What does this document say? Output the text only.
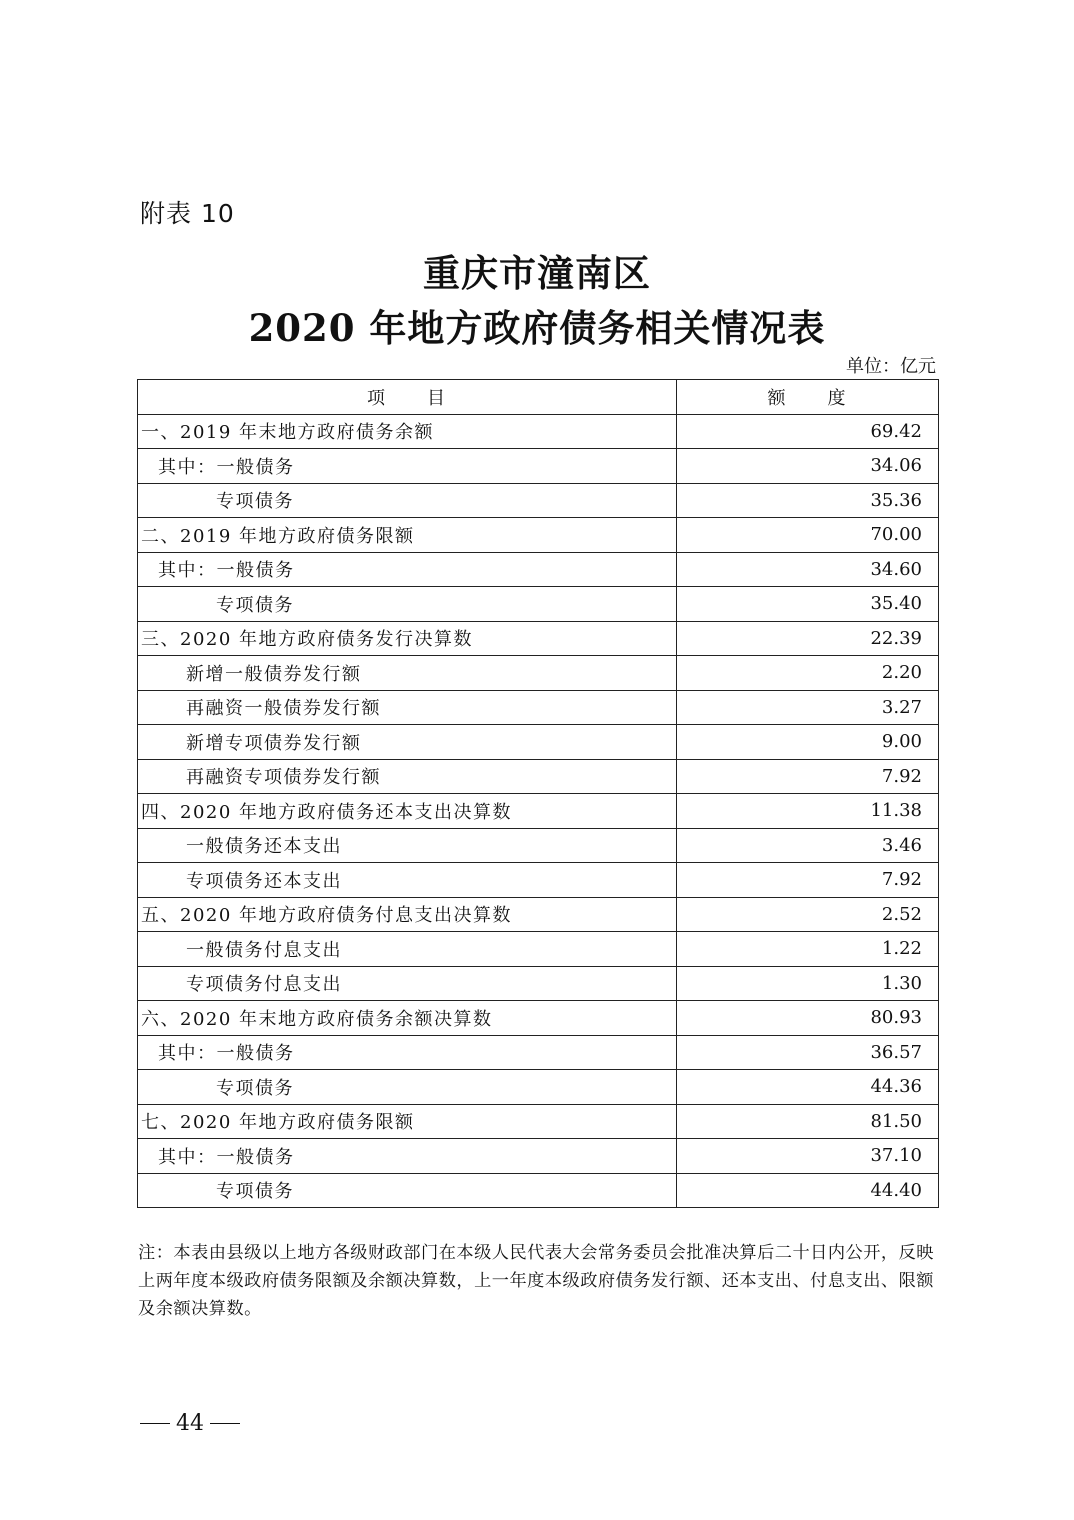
附表 10
重庆市潼南区
2020 年地方政府债务相关情况表
单位：亿元
项　　目	额　　度
一、2019 年末地方政府债务余额	69.42
其中：一般债务	34.06
专项债务	35.36
二、2019 年地方政府债务限额	70.00
其中：一般债务	34.60
专项债务	35.40
三、2020 年地方政府债务发行决算数	22.39
新增一般债券发行额	2.20
再融资一般债券发行额	3.27
新增专项债券发行额	9.00
再融资专项债券发行额	7.92
四、2020 年地方政府债务还本支出决算数	11.38
一般债务还本支出	3.46
专项债务还本支出	7.92
五、2020 年地方政府债务付息支出决算数	2.52
一般债务付息支出	1.22
专项债务付息支出	1.30
六、2020 年末地方政府债务余额决算数	80.93
其中：一般债务	36.57
专项债务	44.36
七、2020 年地方政府债务限额	81.50
其中：一般债务	37.10
专项债务	44.40
注：本表由县级以上地方各级财政部门在本级人民代表大会常务委员会批准决算后二十日内公开，反映上两年度本级政府债务限额及余额决算数，上一年度本级政府债务发行额、还本支出、付息支出、限额及余额决算数。
44
